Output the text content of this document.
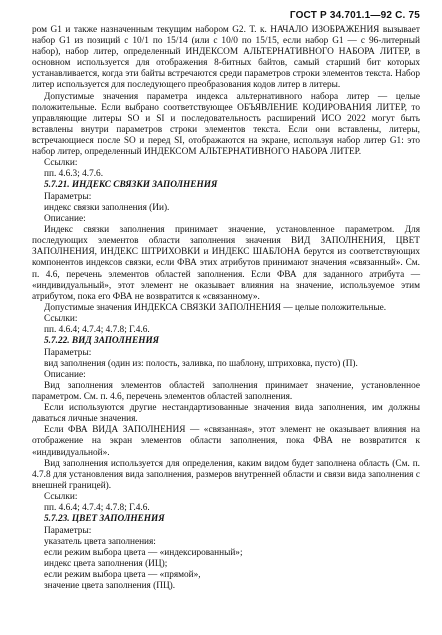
ГОСТ Р 34.701.1—92 С. 75

ром G1 и также назначенным текущим набором G2. Т. к. НАЧАЛО ИЗОБРАЖЕНИЯ вызывает набор G1 из позиций с 10/1 по 15/14 (или с 10/0 по 15/15, если набор G1 — с 96-литерный набор), набор литер, определенный ИНДЕКСОМ АЛЬТЕРНАТИВНОГО НАБОРА ЛИТЕР, в основном используется для отображения 8-битных байтов, самый старший бит которых устанавливается, когда эти байты встречаются среди параметров строки элементов текста. Набор литер используется для последующего преобразования кодов литер в литеры.

Допустимые значения параметра индекса альтернативного набора литер — целые положительные. Если выбрано соответствующее ОБЪЯВЛЕНИЕ КОДИРОВАНИЯ ЛИТЕР, то управляющие литеры SO и SI и последовательность расширений ИСО 2022 могут быть вставлены внутри параметров строки элементов текста. Если они вставлены, литеры, встречающиеся после SO и перед SI, отображаются на экране, используя набор литер G1: это набор литер, определенный ИНДЕКСОМ АЛЬТЕРНАТИВНОГО НАБОРА ЛИТЕР.

Ссылки:

пп. 4.6.3; 4.7.6.

5.7.21. ИНДЕКС СВЯЗКИ ЗАПОЛНЕНИЯ

Параметры:

индекс связки заполнения (Ии).

Описание:

Индекс связки заполнения принимает значение, установленное параметром. Для последующих элементов области заполнения значения ВИД ЗАПОЛНЕНИЯ, ЦВЕТ ЗАПОЛНЕНИЯ, ИНДЕКС ШТРИХОВКИ и ИНДЕКС ШАБЛОНА берутся из соответствующих компонентов индексов связки, если ФВА этих атрибутов принимают значения «связанный». См. п. 4.6, перечень элементов областей заполнения. Если ФВА для заданного атрибута — «индивидуальный», этот элемент не оказывает влияния на значение, используемое этим атрибутом, пока его ФВА не возвратится к «связанному».

Допустимые значения ИНДЕКСА СВЯЗКИ ЗАПОЛНЕНИЯ — целые положительные.

Ссылки:

пп. 4.6.4; 4.7.4; 4.7.8; Г.4.6.

5.7.22. ВИД ЗАПОЛНЕНИЯ

Параметры:

вид заполнения (один из: полость, заливка, по шаблону, штриховка, пусто) (П).

Описание:

Вид заполнения элементов областей заполнения принимает значение, установленное параметром. См. п. 4.6, перечень элементов областей заполнения.

Если используются другие нестандартизованные значения вида заполнения, им должны даваться личные значения.

Если ФВА ВИДА ЗАПОЛНЕНИЯ — «связанная», этот элемент не оказывает влияния на отображение на экран элементов области заполнения, пока ФВА не возвратится к «индивидуальной».

Вид заполнения используется для определения, каким видом будет заполнена область (См. п. 4.7.8 для установления вида заполнения, размеров внутренней области и связи вида заполнения с внешней границей).

Ссылки:

пп. 4.6.4; 4.7.4; 4.7.8; Г.4.6.

5.7.23. ЦВЕТ ЗАПОЛНЕНИЯ

Параметры:

указатель цвета заполнения:

если режим выбора цвета — «индексированный»;

индекс цвета заполнения (ИЦ);

если режим выбора цвета — «прямой»,

значение цвета заполнения (ПЦ).
